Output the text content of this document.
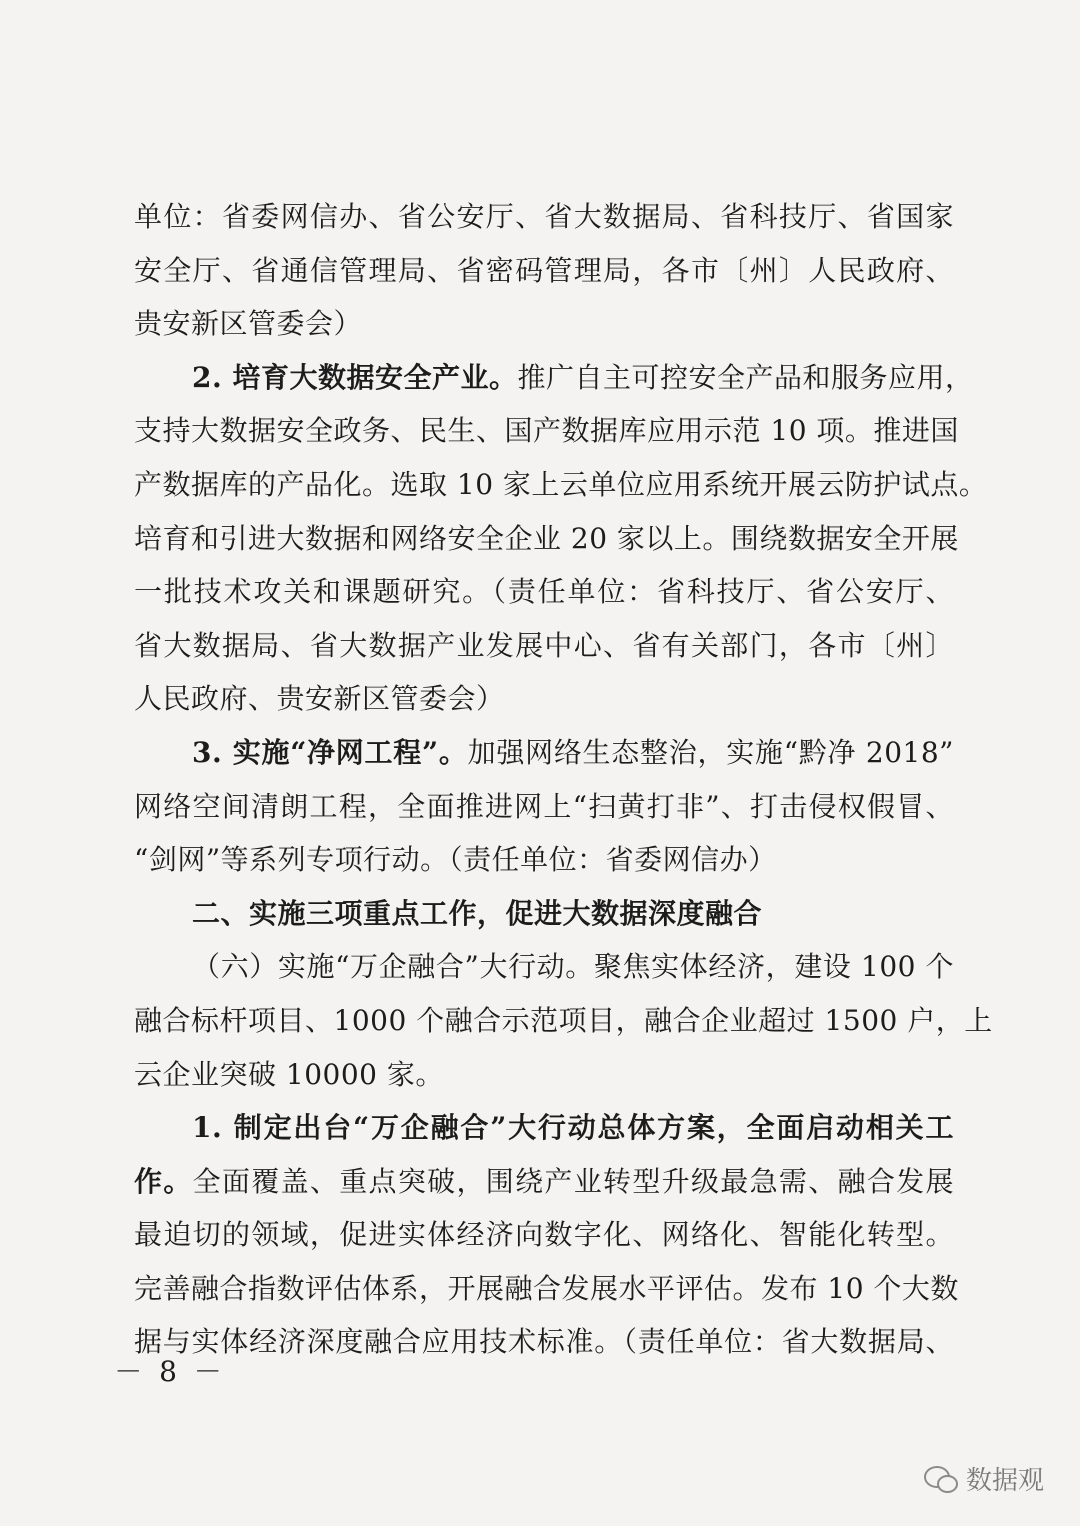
单位：省委网信办、省公安厅、省大数据局、省科技厅、省国家
安全厅、省通信管理局、省密码管理局，各市〔州〕人民政府、
贵安新区管委会）
2. 培育大数据安全产业。推广自主可控安全产品和服务应用，
支持大数据安全政务、民生、国产数据库应用示范 10 项。推进国
产数据库的产品化。选取 10 家上云单位应用系统开展云防护试点。
培育和引进大数据和网络安全企业 20 家以上。围绕数据安全开展
一批技术攻关和课题研究。（责任单位：省科技厅、省公安厅、
省大数据局、省大数据产业发展中心、省有关部门，各市〔州〕
人民政府、贵安新区管委会）
3. 实施“净网工程”。加强网络生态整治，实施“黔净 2018”
网络空间清朗工程，全面推进网上“扫黄打非”、打击侵权假冒、
“剑网”等系列专项行动。（责任单位：省委网信办）
二、实施三项重点工作，促进大数据深度融合
（六）实施“万企融合”大行动。聚焦实体经济，建设 100 个
融合标杆项目、1000 个融合示范项目，融合企业超过 1500 户，上
云企业突破 10000 家。
1. 制定出台“万企融合”大行动总体方案，全面启动相关工
作。全面覆盖、重点突破，围绕产业转型升级最急需、融合发展
最迫切的领域，促进实体经济向数字化、网络化、智能化转型。
完善融合指数评估体系，开展融合发展水平评估。发布 10 个大数
据与实体经济深度融合应用技术标准。（责任单位：省大数据局、
－ 8 －
数据观
